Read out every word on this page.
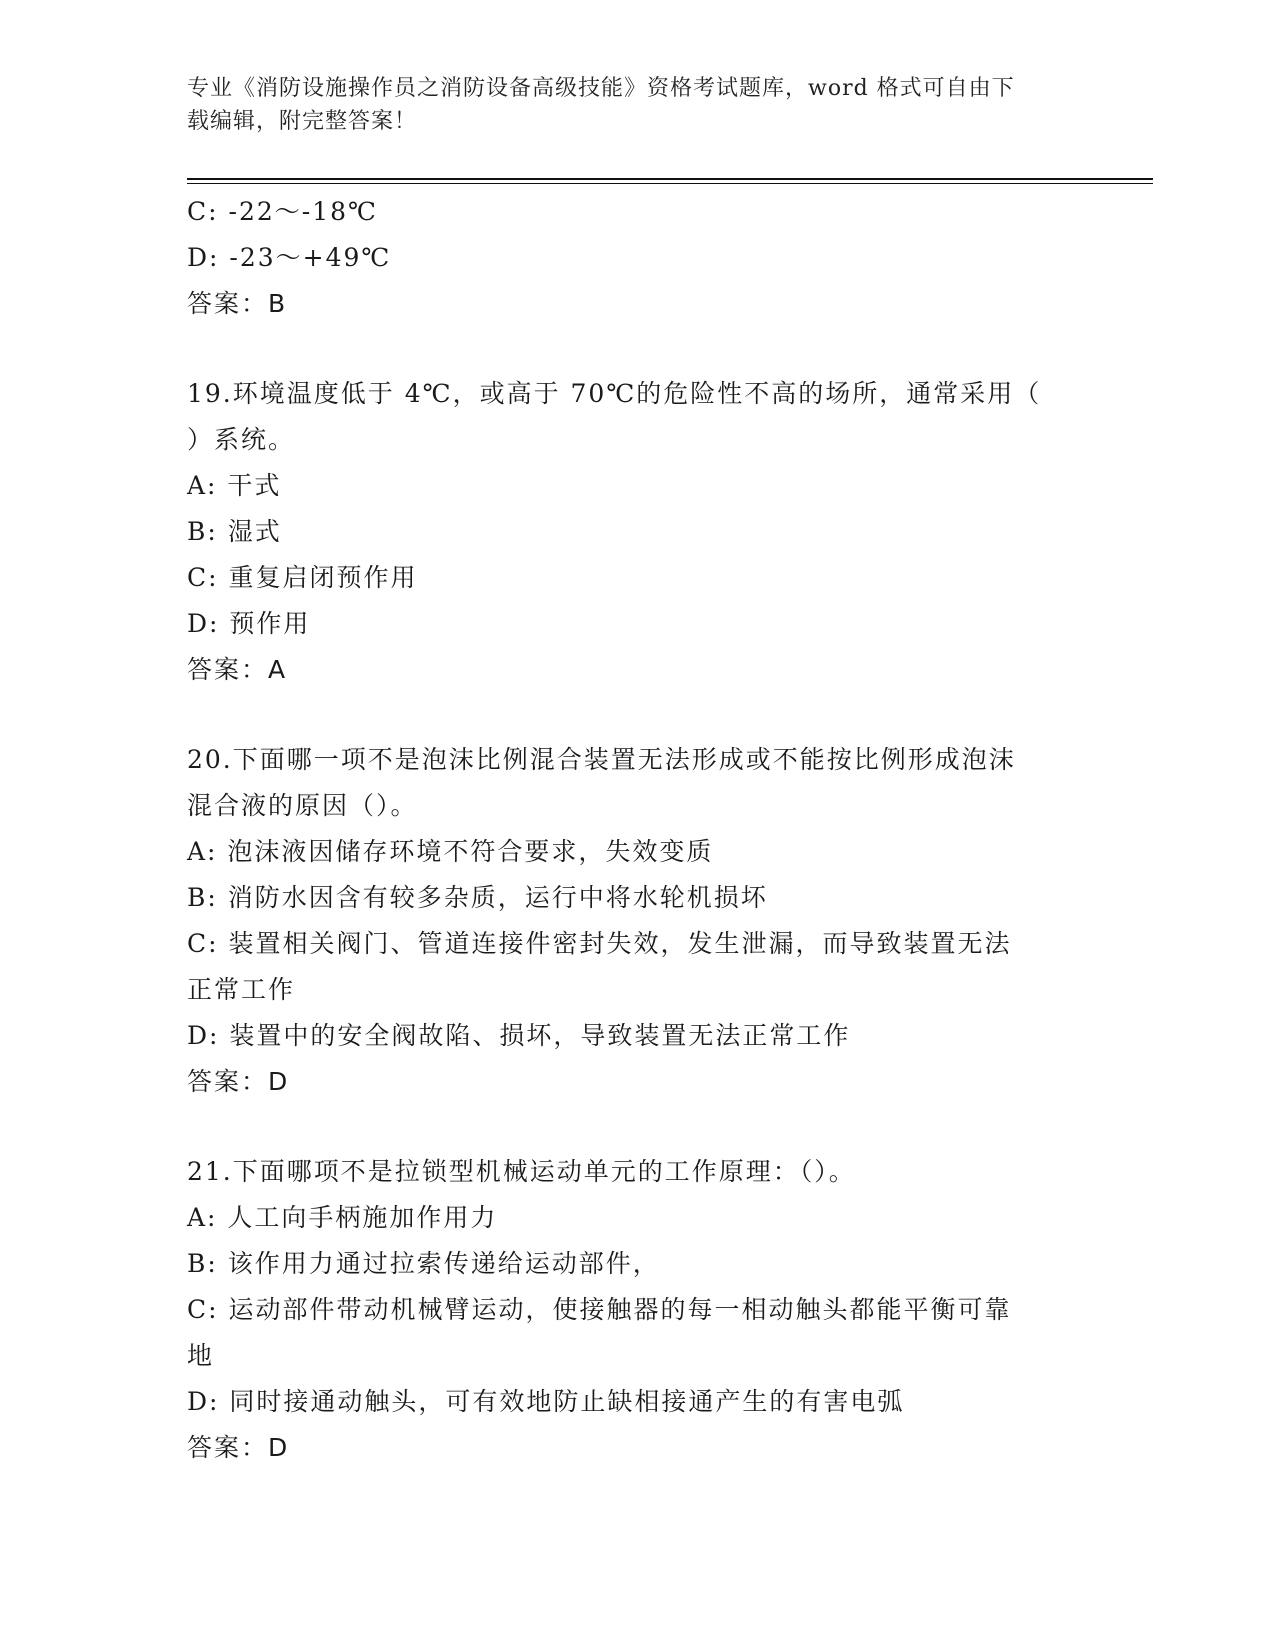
专业《消防设施操作员之消防设备高级技能》资格考试题库，word 格式可自由下
载编辑，附完整答案！
C: -22～-18℃
D: -23～+49℃
答案：B
19.环境温度低于 4℃，或高于 70℃的危险性不高的场所，通常采用（
）系统。
A: 干式
B: 湿式
C: 重复启闭预作用
D: 预作用
答案：A
20.下面哪一项不是泡沫比例混合装置无法形成或不能按比例形成泡沫
混合液的原因（）。
A: 泡沫液因储存环境不符合要求，失效变质
B: 消防水因含有较多杂质，运行中将水轮机损坏
C: 装置相关阀门、管道连接件密封失效，发生泄漏，而导致装置无法
正常工作
D: 装置中的安全阀故陷、损坏，导致装置无法正常工作
答案：D
21.下面哪项不是拉锁型机械运动单元的工作原理：（）。
A: 人工向手柄施加作用力
B: 该作用力通过拉索传递给运动部件，
C: 运动部件带动机械臂运动，使接触器的每一相动触头都能平衡可靠
地
D: 同时接通动触头，可有效地防止缺相接通产生的有害电弧
答案：D
